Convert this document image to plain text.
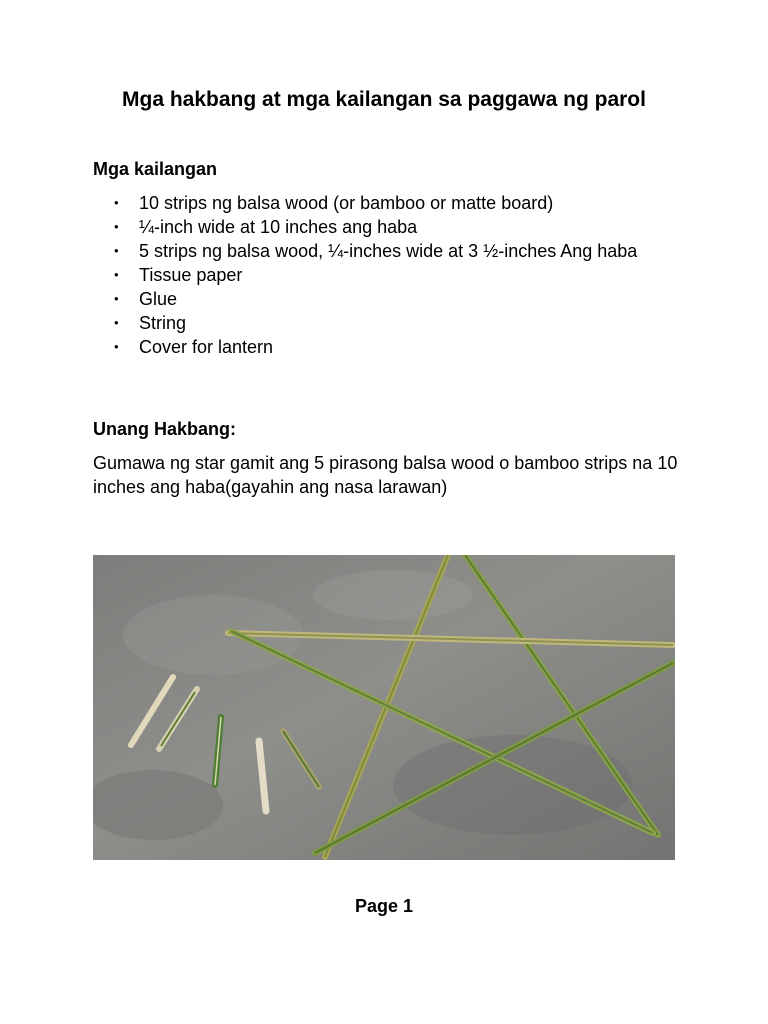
Mga hakbang at mga kailangan sa paggawa ng parol
Mga kailangan
• 10 strips ng balsa wood (or bamboo or matte board)
• ¼-inch wide at 10 inches ang haba
• 5 strips ng balsa wood, ¼-inches wide at 3 ½-inches Ang haba
• Tissue paper
• Glue
• String
• Cover for lantern
Unang Hakbang:

Gumawa ng star gamit ang 5 pirasong balsa wood o bamboo strips na 10 inches ang haba(gayahin ang nasa larawan)

Page 1
